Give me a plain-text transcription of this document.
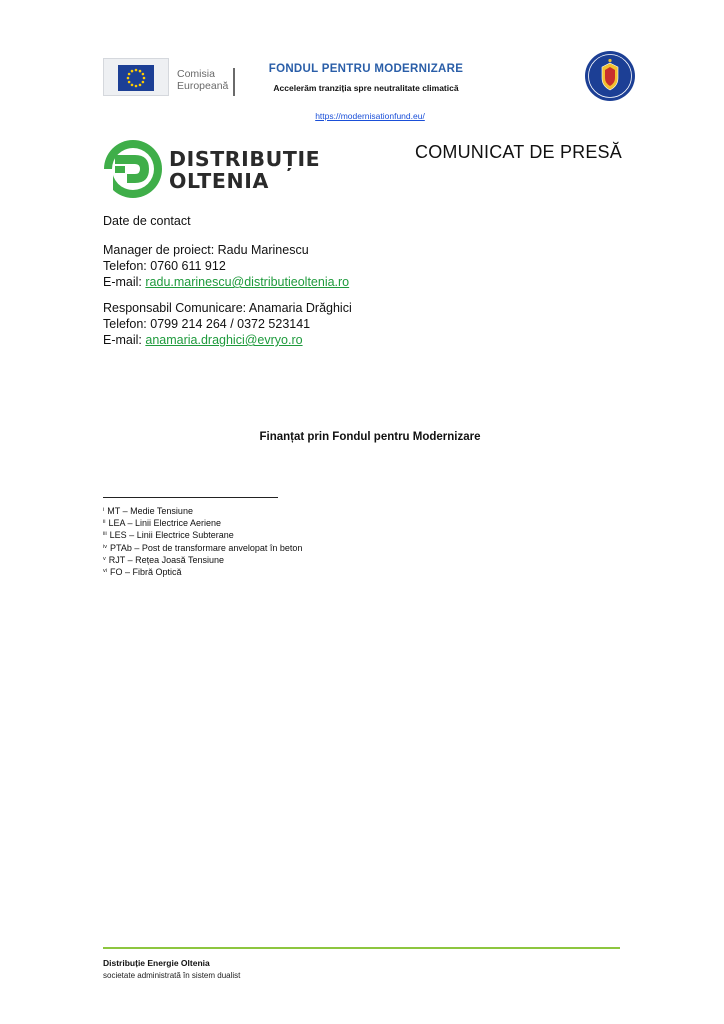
Comisia
Europeană
FONDUL PENTRU MODERNIZARE
Accelerăm tranziția spre neutralitate climatică
https://modernisationfund.eu/
DISTRIBUȚIE
OLTENIA
COMUNICAT DE PRESĂ
Date de contact
Manager de proiect: Radu Marinescu
Telefon: 0760 611 912
E-mail: radu.marinescu@distributieoltenia.ro
Responsabil Comunicare: Anamaria Drăghici
Telefon: 0799 214 264 / 0372 523141
E-mail: anamaria.draghici@evryo.ro
Finanțat prin Fondul pentru Modernizare
$^i$ MT – Medie Tensiune
$^{ii}$ LEA – Linii Electrice Aeriene
$^{iii}$ LES – Linii Electrice Subterane
$^{iv}$ PTAb – Post de transformare anvelopat în beton
$^v$ RJT – Rețea Joasă Tensiune
$^{vi}$ FO – Fibră Optică
Distribuție Energie Oltenia
societate administrată în sistem dualist
